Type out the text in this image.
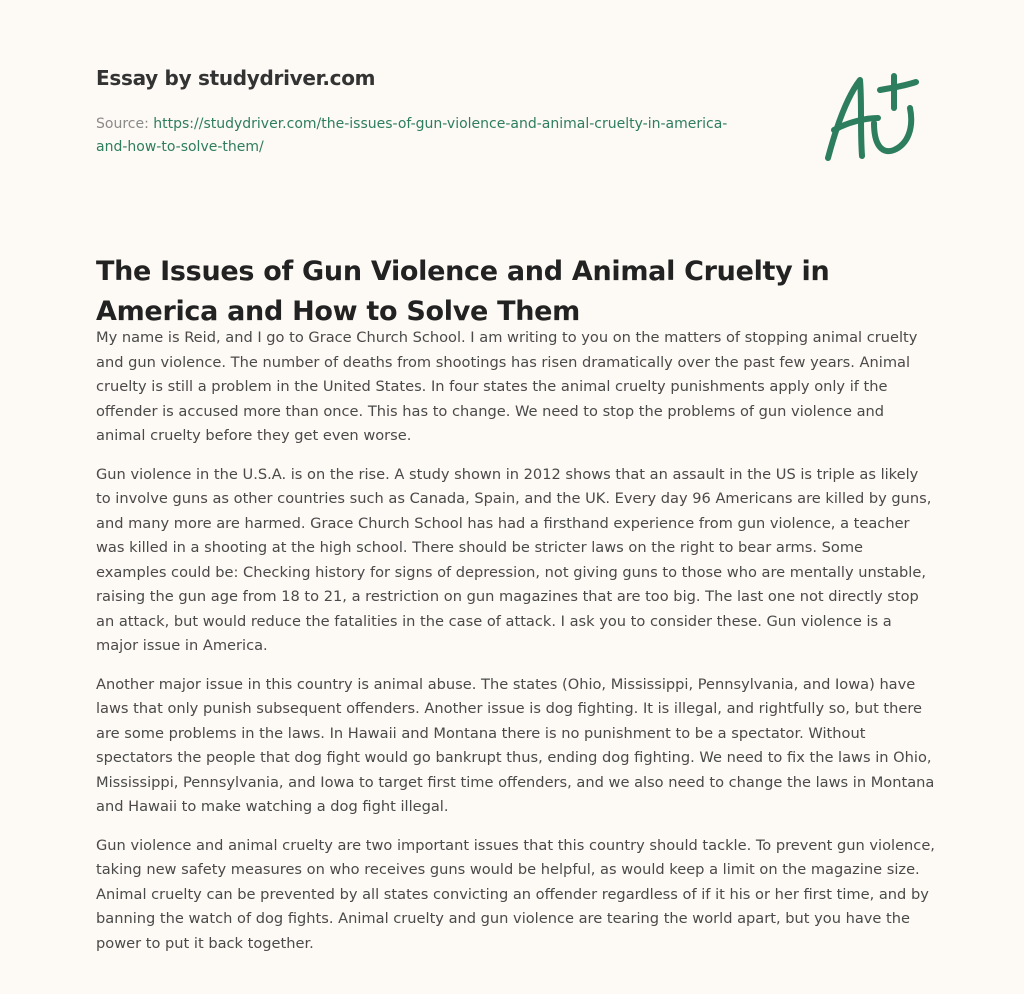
Essay by studydriver.com
Source: https://studydriver.com/the-issues-of-gun-violence-and-animal-cruelty-in-america-and-how-to-solve-them/
The Issues of Gun Violence and Animal Cruelty in America and How to Solve Them

My name is Reid, and I go to Grace Church School. I am writing to you on the matters of stopping animal cruelty and gun violence. The number of deaths from shootings has risen dramatically over the past few years. Animal cruelty is still a problem in the United States. In four states the animal cruelty punishments apply only if the offender is accused more than once. This has to change. We need to stop the problems of gun violence and animal cruelty before they get even worse.

Gun violence in the U.S.A. is on the rise. A study shown in 2012 shows that an assault in the US is triple as likely to involve guns as other countries such as Canada, Spain, and the UK. Every day 96 Americans are killed by guns, and many more are harmed. Grace Church School has had a firsthand experience from gun violence, a teacher was killed in a shooting at the high school. There should be stricter laws on the right to bear arms. Some examples could be: Checking history for signs of depression, not giving guns to those who are mentally unstable, raising the gun age from 18 to 21, a restriction on gun magazines that are too big. The last one not directly stop an attack, but would reduce the fatalities in the case of attack. I ask you to consider these. Gun violence is a major issue in America.

Another major issue in this country is animal abuse. The states (Ohio, Mississippi, Pennsylvania, and Iowa) have laws that only punish subsequent offenders. Another issue is dog fighting. It is illegal, and rightfully so, but there are some problems in the laws. In Hawaii and Montana there is no punishment to be a spectator. Without spectators the people that dog fight would go bankrupt thus, ending dog fighting. We need to fix the laws in Ohio, Mississippi, Pennsylvania, and Iowa to target first time offenders, and we also need to change the laws in Montana and Hawaii to make watching a dog fight illegal.

Gun violence and animal cruelty are two important issues that this country should tackle. To prevent gun violence, taking new safety measures on who receives guns would be helpful, as would keep a limit on the magazine size. Animal cruelty can be prevented by all states convicting an offender regardless of if it his or her first time, and by banning the watch of dog fights. Animal cruelty and gun violence are tearing the world apart, but you have the power to put it back together.
